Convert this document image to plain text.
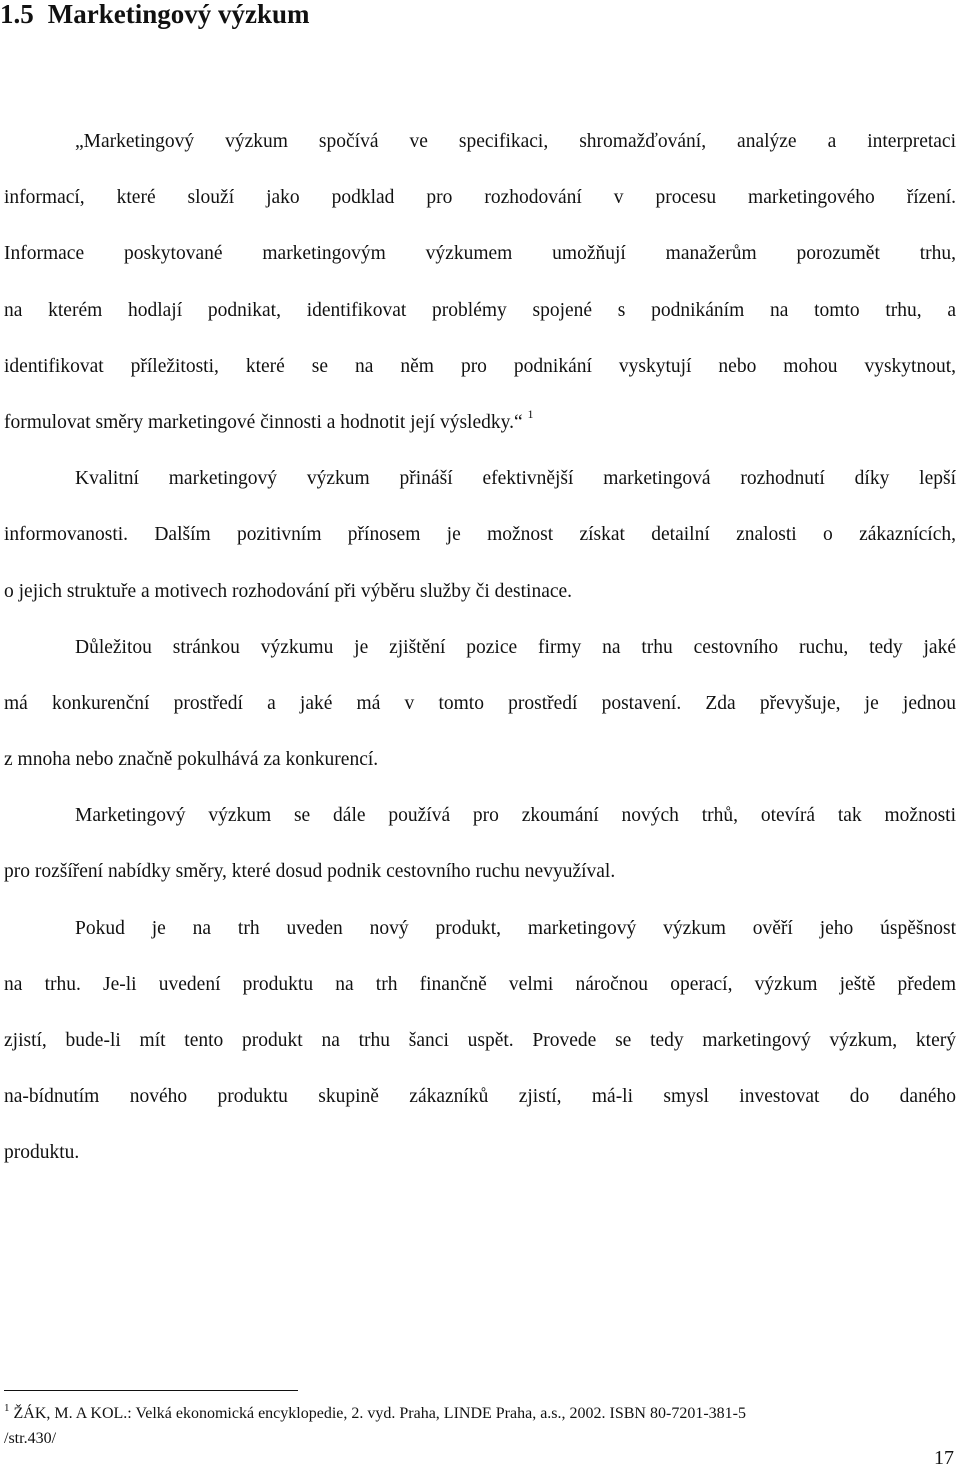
1.5 Marketingový výzkum
„Marketingový výzkum spočívá ve specifikaci, shromažďování, analýze a interpretaci
informací, které slouží jako podklad pro rozhodování v procesu marketingového řízení.
Informace poskytované marketingovým výzkumem umožňují manažerům porozumět trhu,
na kterém hodlají podnikat, identifikovat problémy spojené s podnikáním na tomto trhu, a
identifikovat příležitosti, které se na něm pro podnikání vyskytují nebo mohou vyskytnout,
formulovat směry marketingové činnosti a hodnotit její výsledky.“ $^1$
Kvalitní marketingový výzkum přináší efektivnější marketingová rozhodnutí díky lepší
informovanosti. Dalším pozitivním přínosem je možnost získat detailní znalosti o zákaznících,
o jejich struktuře a motivech rozhodování při výběru služby či destinace.
Důležitou stránkou výzkumu je zjištění pozice firmy na trhu cestovního ruchu, tedy jaké
má konkurenční prostředí a jaké má v tomto prostředí postavení. Zda převyšuje, je jednou
z mnoha nebo značně pokulhává za konkurencí.
Marketingový výzkum se dále používá pro zkoumání nových trhů, otevírá tak možnosti
pro rozšíření nabídky směry, které dosud podnik cestovního ruchu nevyužíval.
Pokud je na trh uveden nový produkt, marketingový výzkum ověří jeho úspěšnost
na trhu. Je-li uvedení produktu na trh finančně velmi náročnou operací, výzkum ještě předem
zjistí, bude-li mít tento produkt na trhu šanci uspět. Provede se tedy marketingový výzkum, který
na-bídnutím nového produktu skupině zákazníků zjistí, má-li smysl investovat do daného
produktu.
$^1$ ŽÁK, M. A KOL.: Velká ekonomická encyklopedie, 2. vyd. Praha, LINDE Praha, a.s., 2002. ISBN 80-7201-381-5
/str.430/
17
